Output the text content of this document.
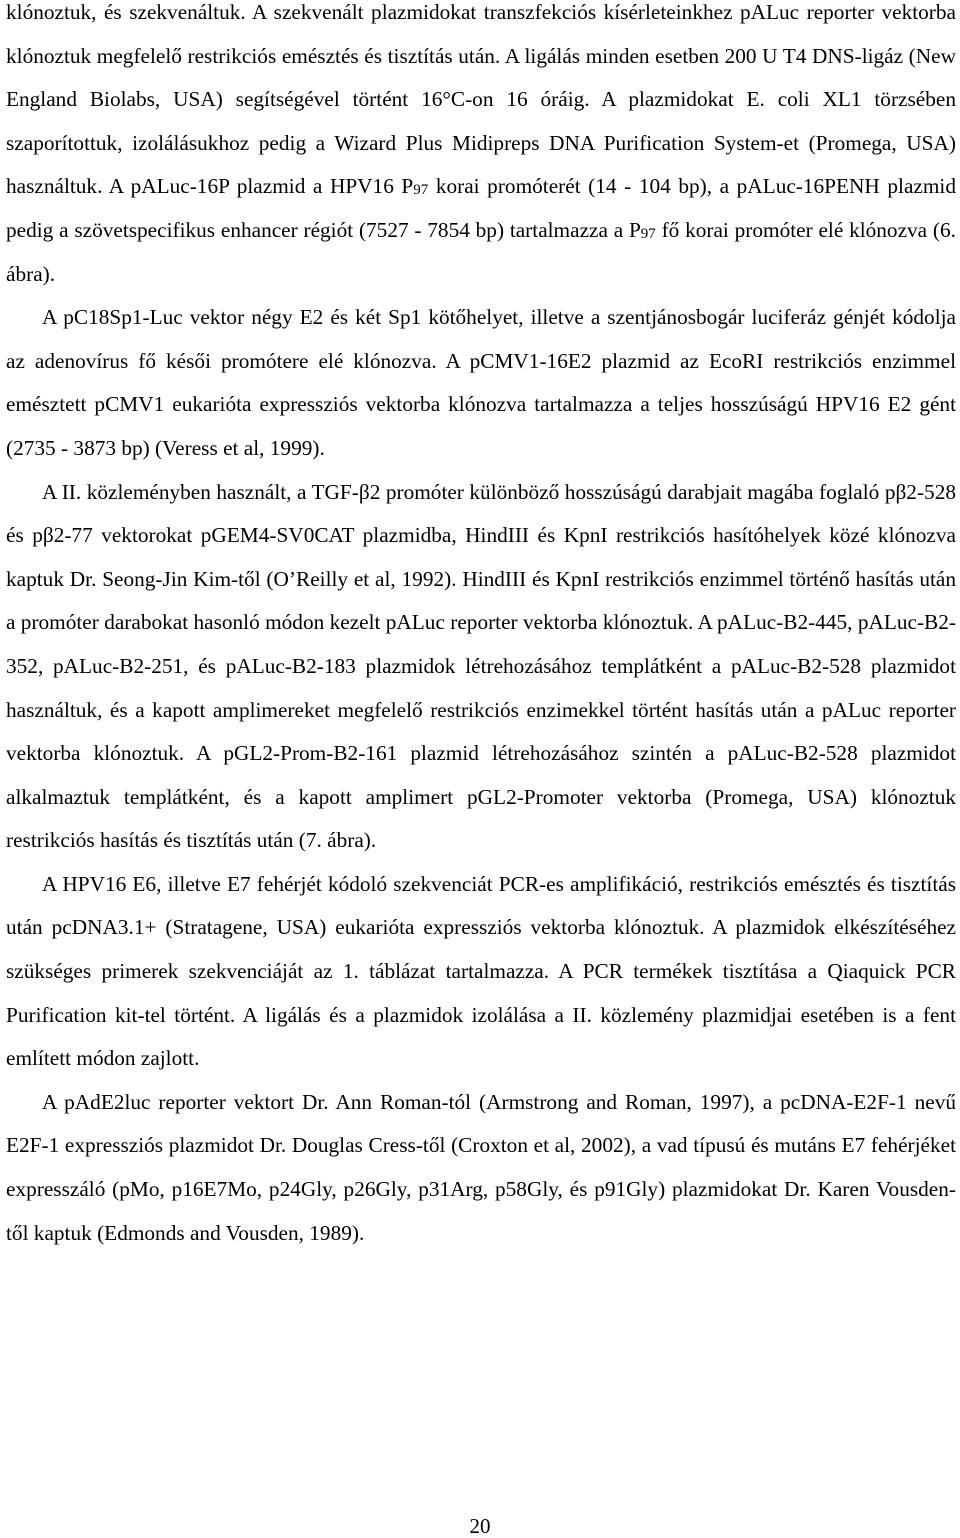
klónoztuk, és szekvenáltuk. A szekvenált plazmidokat transzfekciós kísérleteinkhez pALuc reporter vektorba klónoztuk megfelelő restrikciós emésztés és tisztítás után. A ligálás minden esetben 200 U T4 DNS-ligáz (New England Biolabs, USA) segítségével történt 16°C-on 16 óráig. A plazmidokat E. coli XL1 törzsében szaporítottuk, izolálásukhoz pedig a Wizard Plus Midipreps DNA Purification System-et (Promega, USA) használtuk. A pALuc-16P plazmid a HPV16 P97 korai promóterét (14 - 104 bp), a pALuc-16PENH plazmid pedig a szövetspecifikus enhancer régiót (7527 - 7854 bp) tartalmazza a P97 fő korai promóter elé klónozva (6. ábra).

A pC18Sp1-Luc vektor négy E2 és két Sp1 kötőhelyet, illetve a szentjánosbogár luciferáz génjét kódolja az adenovírus fő késői promótere elé klónozva. A pCMV1-16E2 plazmid az EcoRI restrikciós enzimmel emésztett pCMV1 eukarióta expressziós vektorba klónozva tartalmazza a teljes hosszúságú HPV16 E2 gént (2735 - 3873 bp) (Veress et al, 1999).

A II. közleményben használt, a TGF-β2 promóter különböző hosszúságú darabjait magába foglaló pβ2-528 és pβ2-77 vektorokat pGEM4-SV0CAT plazmidba, HindIII és KpnI restrikciós hasítóhelyek közé klónozva kaptuk Dr. Seong-Jin Kim-től (O’Reilly et al, 1992). HindIII és KpnI restrikciós enzimmel történő hasítás után a promóter darabokat hasonló módon kezelt pALuc reporter vektorba klónoztuk. A pALuc-B2-445, pALuc-B2-352, pALuc-B2-251, és pALuc-B2-183 plazmidok létrehozásához templátként a pALuc-B2-528 plazmidot használtuk, és a kapott amplimereket megfelelő restrikciós enzimekkel történt hasítás után a pALuc reporter vektorba klónoztuk. A pGL2-Prom-B2-161 plazmid létrehozásához szintén a pALuc-B2-528 plazmidot alkalmaztuk templátként, és a kapott amplimert pGL2-Promoter vektorba (Promega, USA) klónoztuk restrikciós hasítás és tisztítás után (7. ábra).

A HPV16 E6, illetve E7 fehérjét kódoló szekvenciát PCR-es amplifikáció, restrikciós emésztés és tisztítás után pcDNA3.1+ (Stratagene, USA) eukarióta expressziós vektorba klónoztuk. A plazmidok elkészítéséhez szükséges primerek szekvenciáját az 1. táblázat tartalmazza. A PCR termékek tisztítása a Qiaquick PCR Purification kit-tel történt. A ligálás és a plazmidok izolálása a II. közlemény plazmidjai esetében is a fent említett módon zajlott.

A pAdE2luc reporter vektort Dr. Ann Roman-tól (Armstrong and Roman, 1997), a pcDNA-E2F-1 nevű E2F-1 expressziós plazmidot Dr. Douglas Cress-től (Croxton et al, 2002), a vad típusú és mutáns E7 fehérjéket expresszáló (pMo, p16E7Mo, p24Gly, p26Gly, p31Arg, p58Gly, és p91Gly) plazmidokat Dr. Karen Vousden-től kaptuk (Edmonds and Vousden, 1989).

20
